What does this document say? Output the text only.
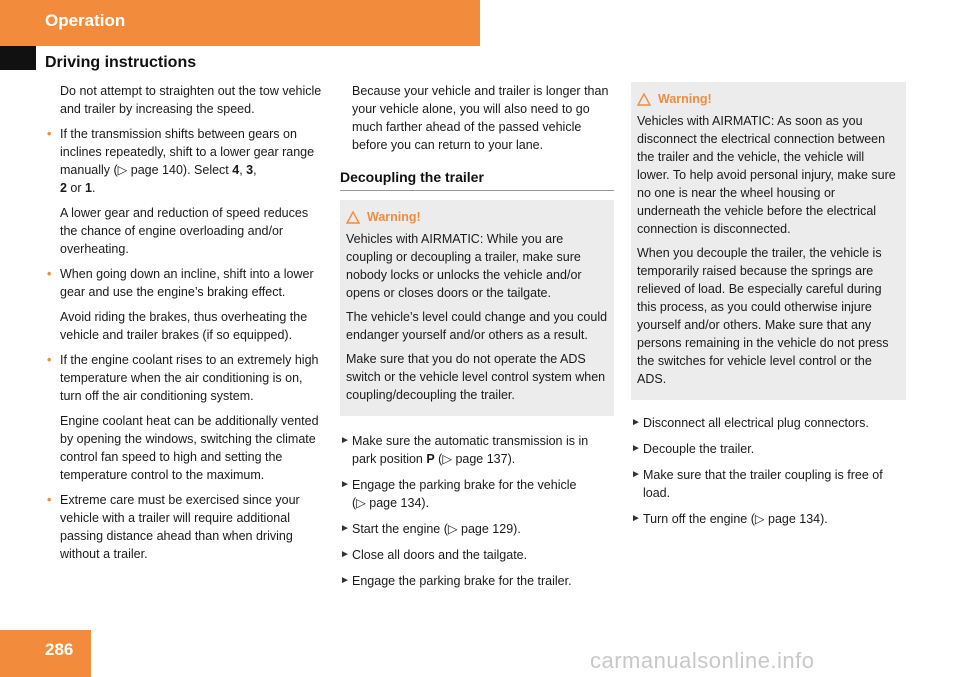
Operation
Driving instructions

Do not attempt to straighten out the tow vehicle and trailer by increasing the speed.

• If the transmission shifts between gears on inclines repeatedly, shift to a lower gear range manually (▷ page 140). Select 4, 3,
2 or 1.
A lower gear and reduction of speed reduces the chance of engine overloading and/or overheating.
• When going down an incline, shift into a lower gear and use the engine’s braking effect.
Avoid riding the brakes, thus overheating the vehicle and trailer brakes (if so equipped).
• If the engine coolant rises to an extremely high temperature when the air conditioning is on, turn off the air conditioning system.
Engine coolant heat can be additionally vented by opening the windows, switching the climate control fan speed to high and setting the temperature control to the maximum.
• Extreme care must be exercised since your vehicle with a trailer will require additional passing distance ahead than when driving without a trailer.

Because your vehicle and trailer is longer than your vehicle alone, you will also need to go much farther ahead of the passed vehicle before you can return to your lane.

Decoupling the trailer
Warning!

Vehicles with AIRMATIC: While you are coupling or decoupling a trailer, make sure nobody locks or unlocks the vehicle and/or opens or closes doors or the tailgate.

The vehicle’s level could change and you could endanger yourself and/or others as a result.

Make sure that you do not operate the ADS switch or the vehicle level control system when coupling/decoupling the trailer.

► Make sure the automatic transmission is in park position P (▷ page 137).
► Engage the parking brake for the vehicle (▷ page 134).
► Start the engine (▷ page 129).
► Close all doors and the tailgate.
► Engage the parking brake for the trailer.
Warning!

Vehicles with AIRMATIC: As soon as you disconnect the electrical connection between the trailer and the vehicle, the vehicle will lower. To help avoid personal injury, make sure no one is near the wheel housing or underneath the vehicle before the electrical connection is disconnected.

When you decouple the trailer, the vehicle is temporarily raised because the springs are relieved of load. Be especially careful during this process, as you could otherwise injure yourself and/or others. Make sure that any persons remaining in the vehicle do not press the switches for vehicle level control or the ADS.

► Disconnect all electrical plug connectors.
► Decouple the trailer.
► Make sure that the trailer coupling is free of load.
► Turn off the engine (▷ page 134).
286	carmanualsonline.info
